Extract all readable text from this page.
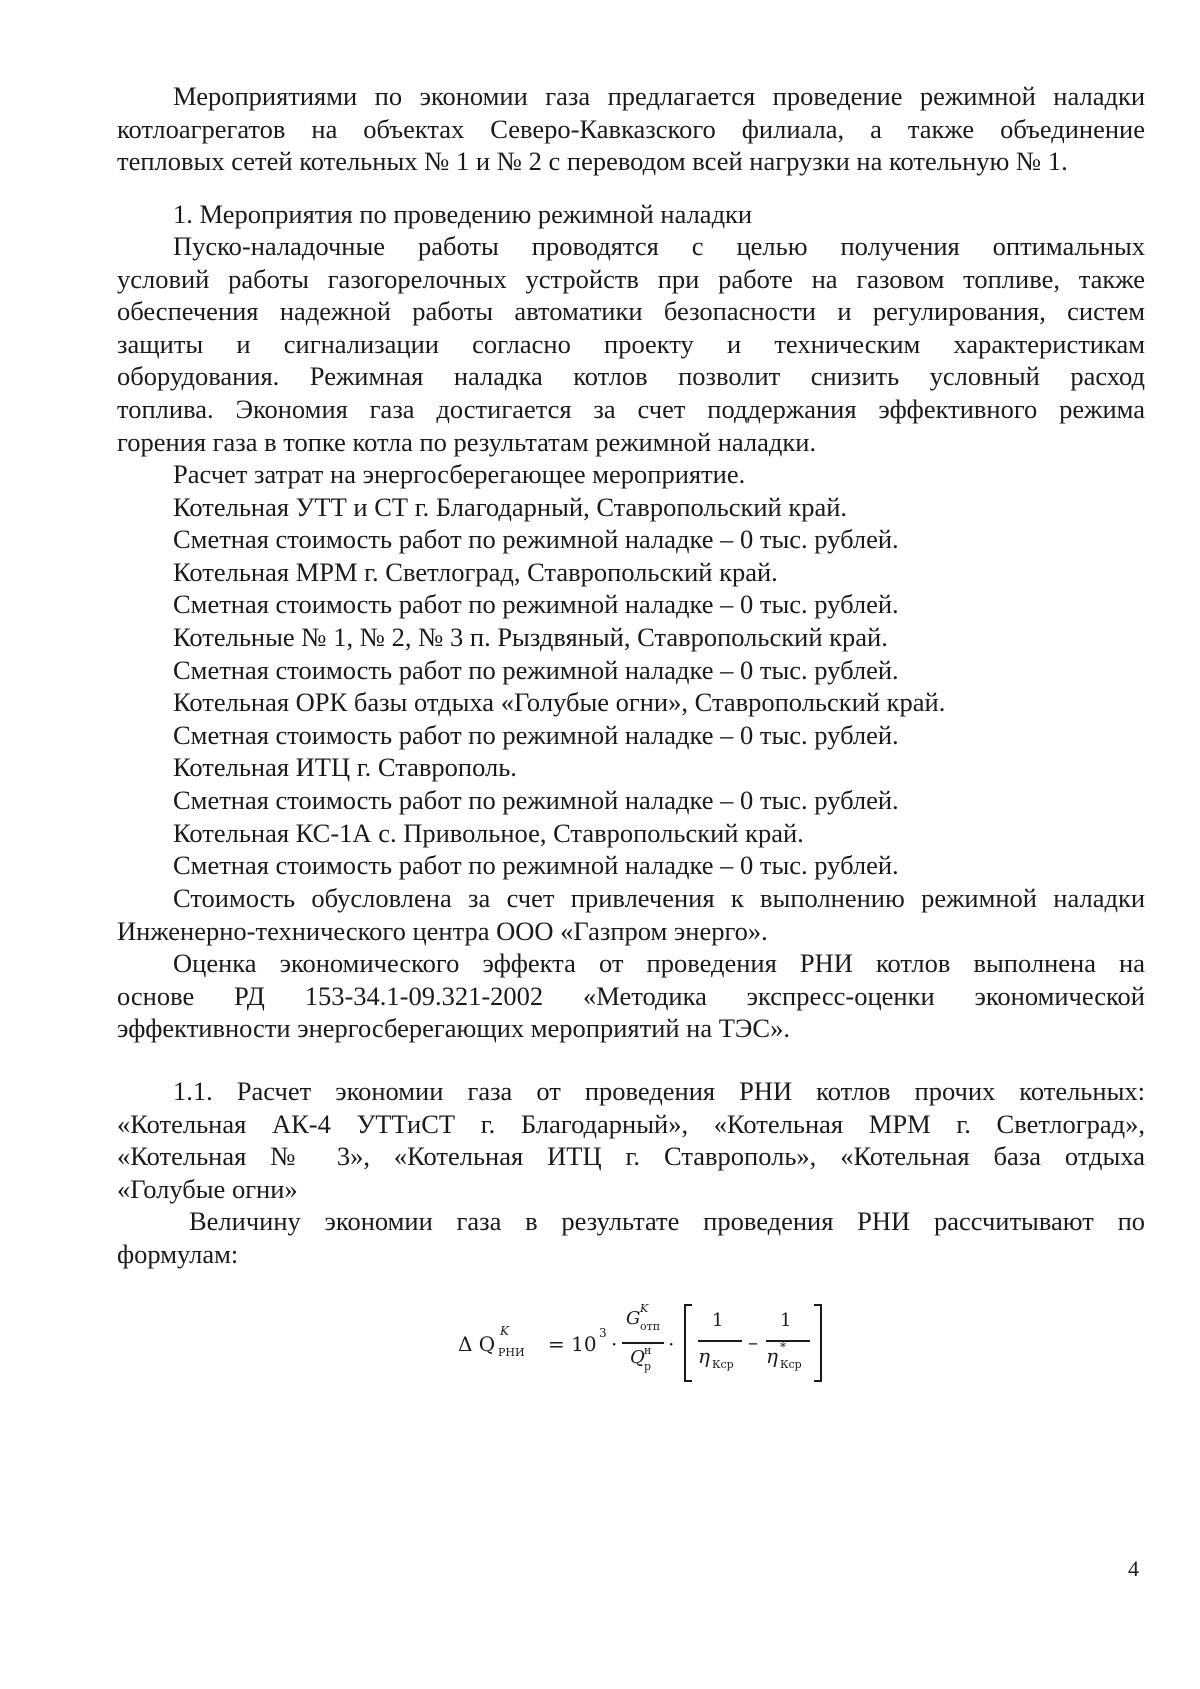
Мероприятиями по экономии газа предлагается проведение режимной наладки
котлоагрегатов на объектах Северо-Кавказского филиала, а также объединение
тепловых сетей котельных № 1 и № 2 с переводом всей нагрузки на котельную № 1.
1. Мероприятия по проведению режимной наладки
Пуско-наладочные работы проводятся с целью получения оптимальных
условий работы газогорелочных устройств при работе на газовом топливе, также
обеспечения надежной работы автоматики безопасности и регулирования, систем
защиты и сигнализации согласно проекту и техническим характеристикам
оборудования. Режимная наладка котлов позволит снизить условный расход
топлива. Экономия газа достигается за счет поддержания эффективного режима
горения газа в топке котла по результатам режимной наладки.
Расчет затрат на энергосберегающее мероприятие.
Котельная УТТ и СТ г. Благодарный, Ставропольский край.
Сметная стоимость работ по режимной наладке – 0 тыс. рублей.
Котельная МРМ г. Светлоград, Ставропольский край.
Сметная стоимость работ по режимной наладке – 0 тыс. рублей.
Котельные № 1, № 2, № 3 п. Рыздвяный, Ставропольский край.
Сметная стоимость работ по режимной наладке – 0 тыс. рублей.
Котельная ОРК базы отдыха «Голубые огни», Ставропольский край.
Сметная стоимость работ по режимной наладке – 0 тыс. рублей.
Котельная ИТЦ г. Ставрополь.
Сметная стоимость работ по режимной наладке – 0 тыс. рублей.
Котельная КС-1А с. Привольное, Ставропольский край.
Сметная стоимость работ по режимной наладке – 0 тыс. рублей.
Стоимость обусловлена за счет привлечения к выполнению режимной наладки
Инженерно-технического центра ООО «Газпром энерго».
Оценка экономического эффекта от проведения РНИ котлов выполнена на
основе РД 153-34.1-09.321-2002 «Методика экспресс-оценки экономической
эффективности энергосберегающих мероприятий на ТЭС».
1.1. Расчет экономии газа от проведения РНИ котлов прочих котельных:
«Котельная АК-4 УТТиСТ г. Благодарный», «Котельная МРМ г. Светлоград»,
«Котельная № 3», «Котельная ИТЦ г. Ставрополь», «Котельная база отдыха
«Голубые огни»
Величину экономии газа в результате проведения РНИ рассчитывают по
формулам:
Δ Q
K
РНИ = 10 3 ·
G K
отп
Q н
р
·
1
η Кср
–
1
η *
Кср
4
